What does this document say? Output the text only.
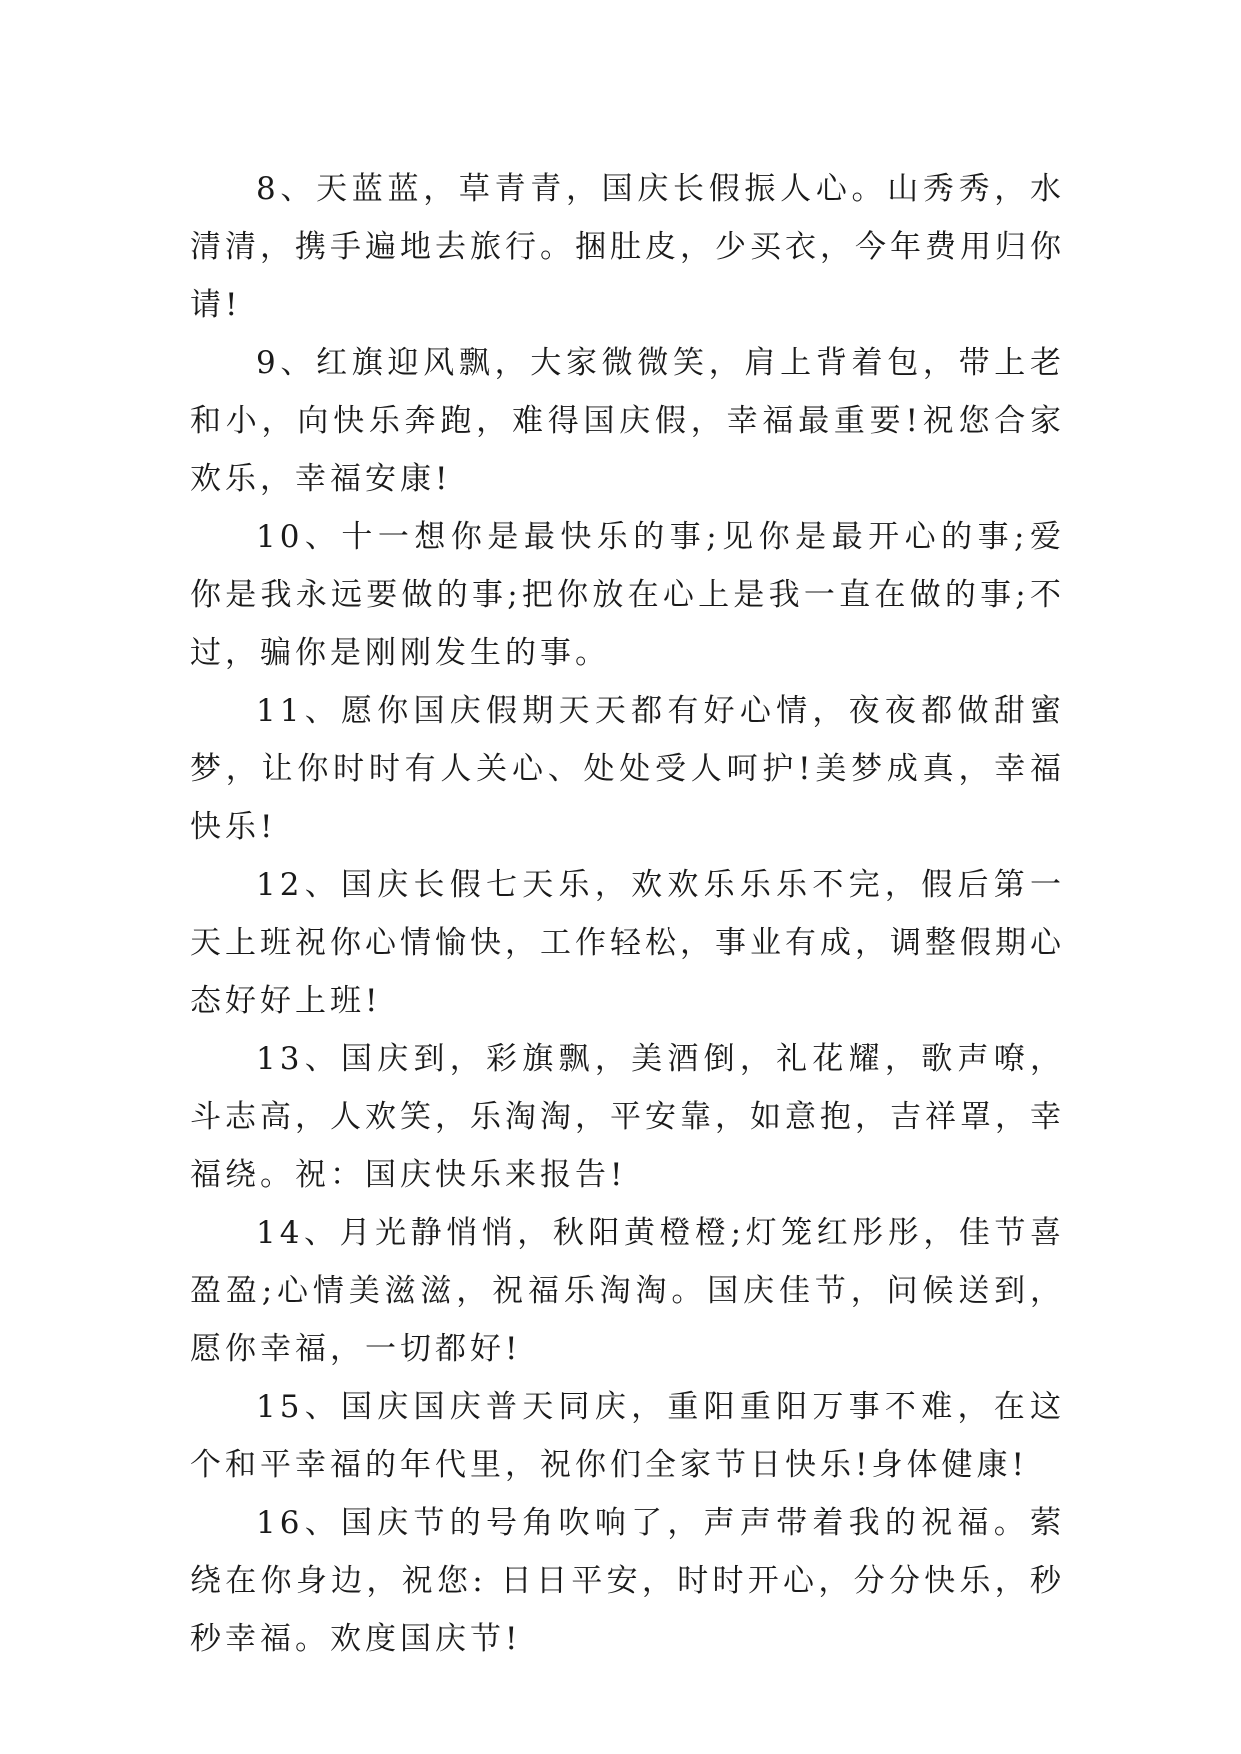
8、天蓝蓝，草青青，国庆长假振人心。山秀秀，水清清，携手遍地去旅行。捆肚皮，少买衣，今年费用归你请!

9、红旗迎风飘，大家微微笑，肩上背着包，带上老和小，向快乐奔跑，难得国庆假，幸福最重要!祝您合家欢乐，幸福安康!

10、十一想你是最快乐的事;见你是最开心的事;爱你是我永远要做的事;把你放在心上是我一直在做的事;不过，骗你是刚刚发生的事。

11、愿你国庆假期天天都有好心情，夜夜都做甜蜜梦，让你时时有人关心、处处受人呵护!美梦成真，幸福快乐!

12、国庆长假七天乐，欢欢乐乐乐不完，假后第一天上班祝你心情愉快，工作轻松，事业有成，调整假期心态好好上班!

13、国庆到，彩旗飘，美酒倒，礼花耀，歌声嘹，斗志高，人欢笑，乐淘淘，平安靠，如意抱，吉祥罩，幸福绕。祝：国庆快乐来报告!

14、月光静悄悄，秋阳黄橙橙;灯笼红彤彤，佳节喜盈盈;心情美滋滋，祝福乐淘淘。国庆佳节，问候送到，愿你幸福，一切都好!

15、国庆国庆普天同庆，重阳重阳万事不难，在这个和平幸福的年代里，祝你们全家节日快乐!身体健康!

16、国庆节的号角吹响了，声声带着我的祝福。萦绕在你身边，祝您: 日日平安，时时开心，分分快乐，秒秒幸福。欢度国庆节!
